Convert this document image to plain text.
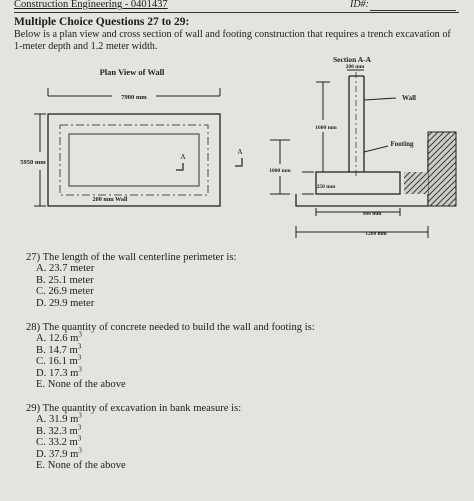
Construction Engineering - 0401437	ID#:
Multiple Choice Questions 27 to 29:
Below is a plan view and cross section of wall and footing construction that requires a trench excavation of 1-meter depth and 1.2 meter width.
Plan View of Wall
7900 mm
5950 mm
200 mm Wall
A
A
Section A-A
200 mm
Wall
1600 mm
Footing
1000 mm
250 mm
900 mm
1200 mm

27) The length of the wall centerline perimeter is:

A. 23.7 meter

B. 25.1 meter

C. 26.9 meter

D. 29.9 meter

28) The quantity of concrete needed to build the wall and footing is:

A. 12.6 $m^3$

B. 14.7 $m^3$

C. 16.1 $m^3$

D. 17.3 $m^3$

E. None of the above

29) The quantity of excavation in bank measure is:

A. 31.9 $m^3$

B. 32.3 $m^3$

C. 33.2 $m^3$

D. 37.9 $m^3$

E. None of the above
